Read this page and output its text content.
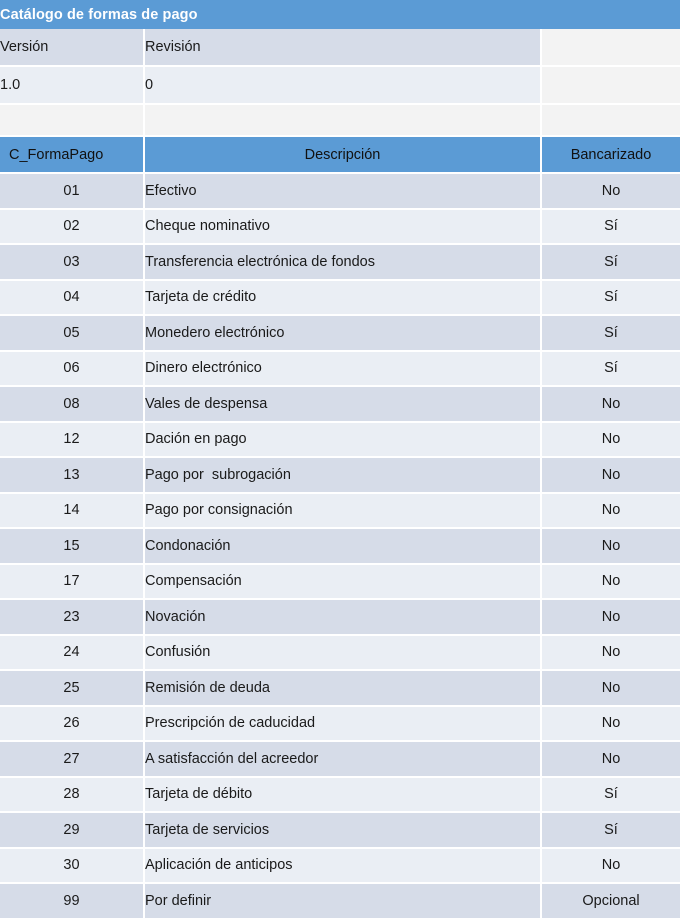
Catálogo de formas de pago		
Versión	Revisión	
1.0	0	

C_FormaPago	Descripción	Bancarizado
01	Efectivo	No
02	Cheque nominativo	Sí
03	Transferencia electrónica de fondos	Sí
04	Tarjeta de crédito	Sí
05	Monedero electrónico	Sí
06	Dinero electrónico	Sí
08	Vales de despensa	No
12	Dación en pago	No
13	Pago por  subrogación	No
14	Pago por consignación	No
15	Condonación	No
17	Compensación	No
23	Novación	No
24	Confusión	No
25	Remisión de deuda	No
26	Prescripción de caducidad	No
27	A satisfacción del acreedor	No
28	Tarjeta de débito	Sí
29	Tarjeta de servicios	Sí
30	Aplicación de anticipos	No
99	Por definir	Opcional
